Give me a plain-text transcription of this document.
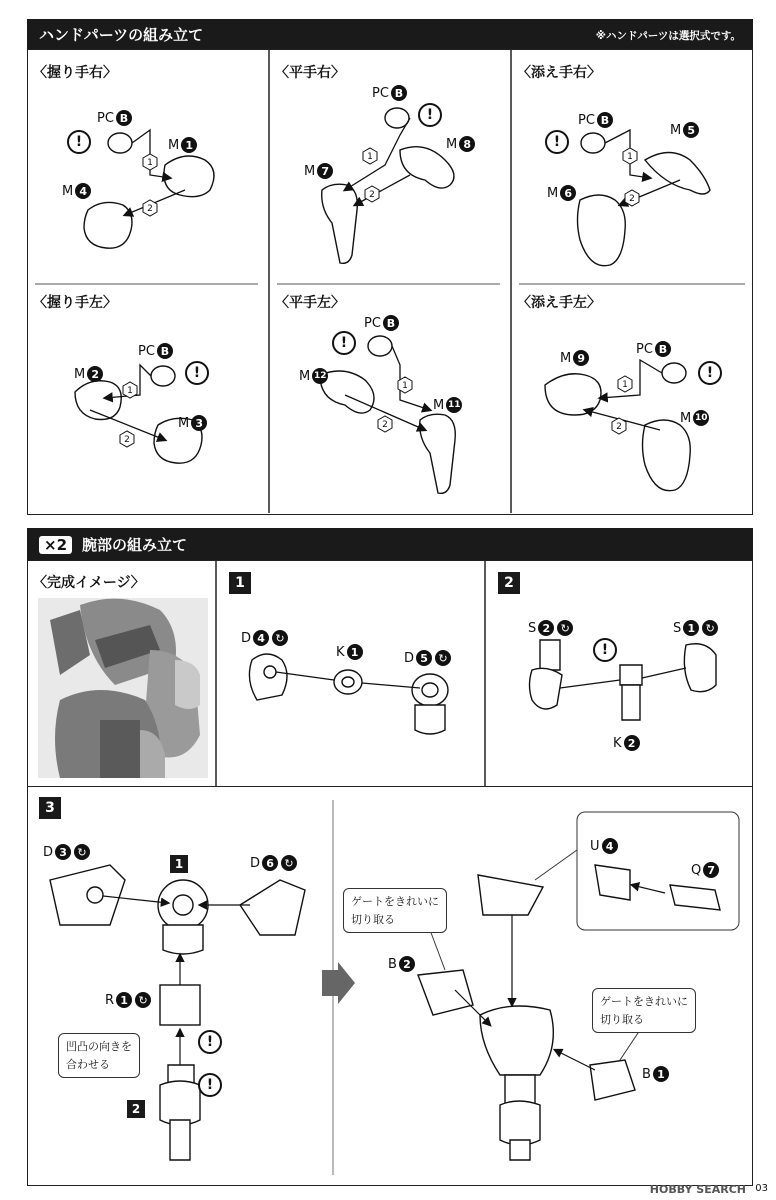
ハンドパーツの組み立て	※ハンドパーツは選択式です。
〈握り手右〉	〈平手右〉	〈添え手右〉
〈握り手左〉	〈平手左〉	〈添え手左〉
1
2
1
2
1
2
1
2
1
2
1
2
PC B
!	M 1
M 4
PC B
!
M 8
M 7
PC B
!
M 5
M 6
PC B
!
M 2
M 3
PC B
!
M 12
M 11
PC B
!
M 9
M 10
×2 腕部の組み立て
〈完成イメージ〉	1
D 4 ↻
K 1	D 5 ↻
2
S 2 ↻
!
S 1 ↻
K 2
3
D 3 ↻
1	D 6 ↻
R 1 ↻
!
!
凹凸の向きを
合わせる
2
U 4
Q 7
ゲートをきれいに
切り取る
B 2
ゲートをきれいに
切り取る
B 1
HOBBY SEARCH 03
